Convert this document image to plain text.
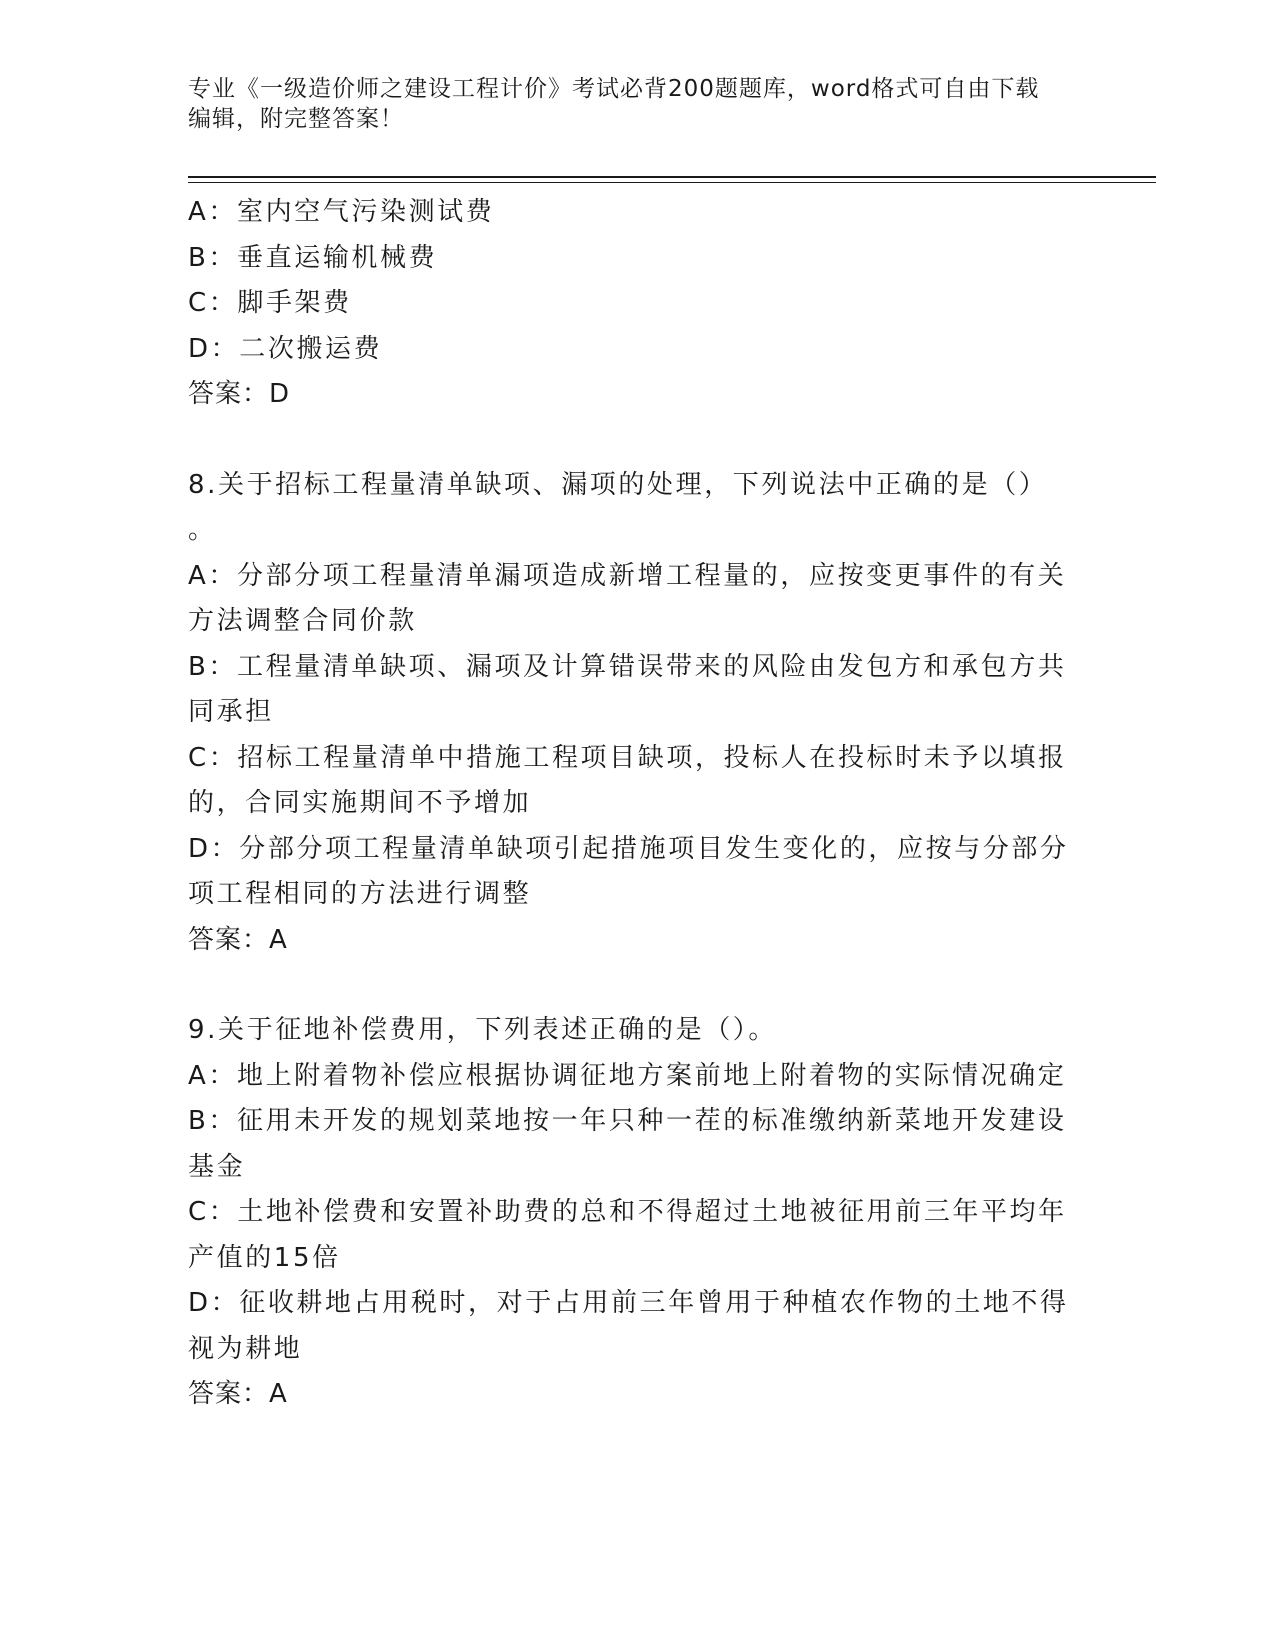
专业《一级造价师之建设工程计价》考试必背200题题库，word格式可自由下载
编辑，附完整答案！

A：室内空气污染测试费

B：垂直运输机械费

C：脚手架费

D：二次搬运费

答案：D

8.关于招标工程量清单缺项、漏项的处理，下列说法中正确的是（）

。

A：分部分项工程量清单漏项造成新增工程量的，应按变更事件的有关

方法调整合同价款

B：工程量清单缺项、漏项及计算错误带来的风险由发包方和承包方共

同承担

C：招标工程量清单中措施工程项目缺项，投标人在投标时未予以填报

的，合同实施期间不予增加

D：分部分项工程量清单缺项引起措施项目发生变化的，应按与分部分

项工程相同的方法进行调整

答案：A

9.关于征地补偿费用，下列表述正确的是（）。

A：地上附着物补偿应根据协调征地方案前地上附着物的实际情况确定

B：征用未开发的规划菜地按一年只种一茬的标准缴纳新菜地开发建设

基金

C：土地补偿费和安置补助费的总和不得超过土地被征用前三年平均年

产值的15倍

D：征收耕地占用税时，对于占用前三年曾用于种植农作物的土地不得

视为耕地

答案：A
